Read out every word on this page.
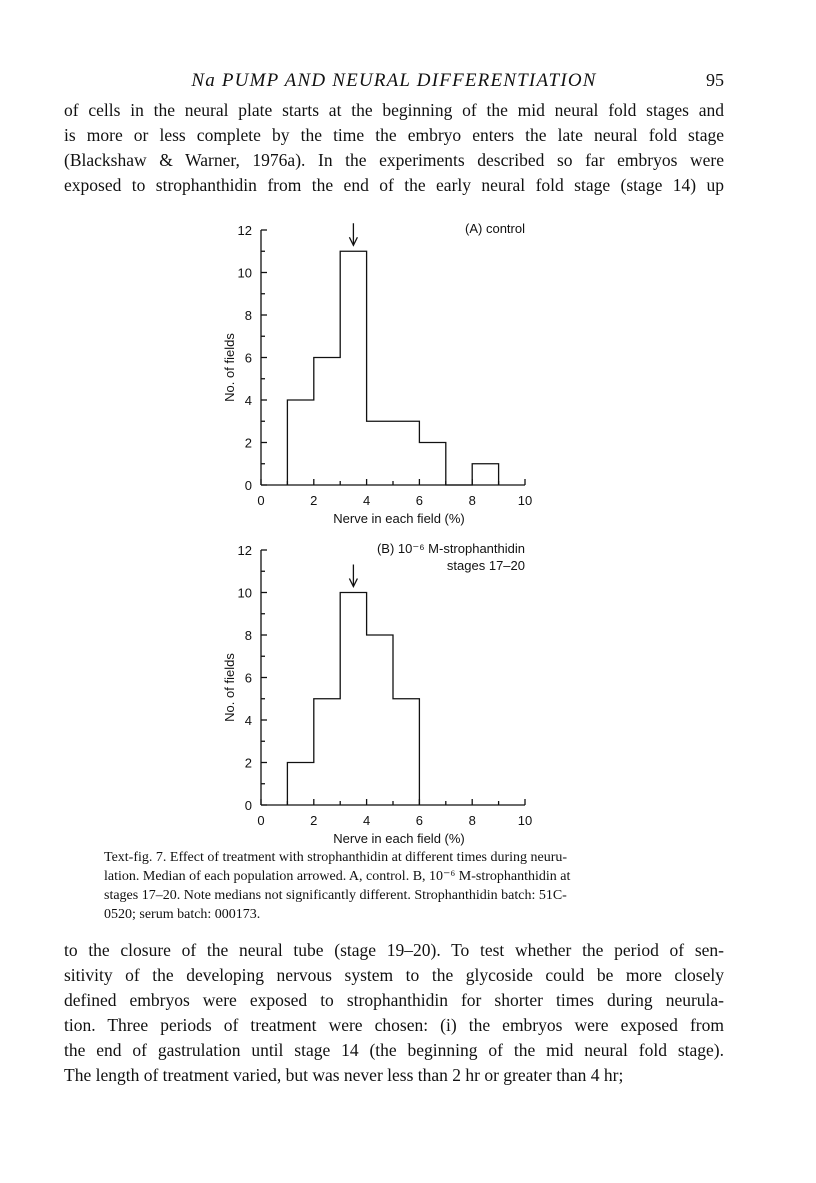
Na PUMP AND NEURAL DIFFERENTIATION	95

of cells in the neural plate starts at the beginning of the mid neural fold stages and
is more or less complete by the time the embryo enters the late neural fold stage
(Blackshaw & Warner, 1976a). In the experiments described so far embryos were
exposed to strophanthidin from the end of the early neural fold stage (stage 14) up

0
2
4
6
8
10
12
0	2	4	6	8	10
Nerve in each field (%)
No. of fields
(A) control
0
2
4
6
8
10
12
0	2	4	6	8	10
Nerve in each field (%)
No. of fields
(B) 10⁻⁶ M-strophanthidin
stages 17–20

Text-fig. 7. Effect of treatment with strophanthidin at different times during neuru-
lation. Median of each population arrowed. A, control. B, 10⁻⁶ M-strophanthidin at
stages 17–20. Note medians not significantly different. Strophanthidin batch: 51C-
0520; serum batch: 000173.

to the closure of the neural tube (stage 19–20). To test whether the period of sen-
sitivity of the developing nervous system to the glycoside could be more closely
defined embryos were exposed to strophanthidin for shorter times during neurula-
tion. Three periods of treatment were chosen: (i) the embryos were exposed from
the end of gastrulation until stage 14 (the beginning of the mid neural fold stage).
The length of treatment varied, but was never less than 2 hr or greater than 4 hr;
